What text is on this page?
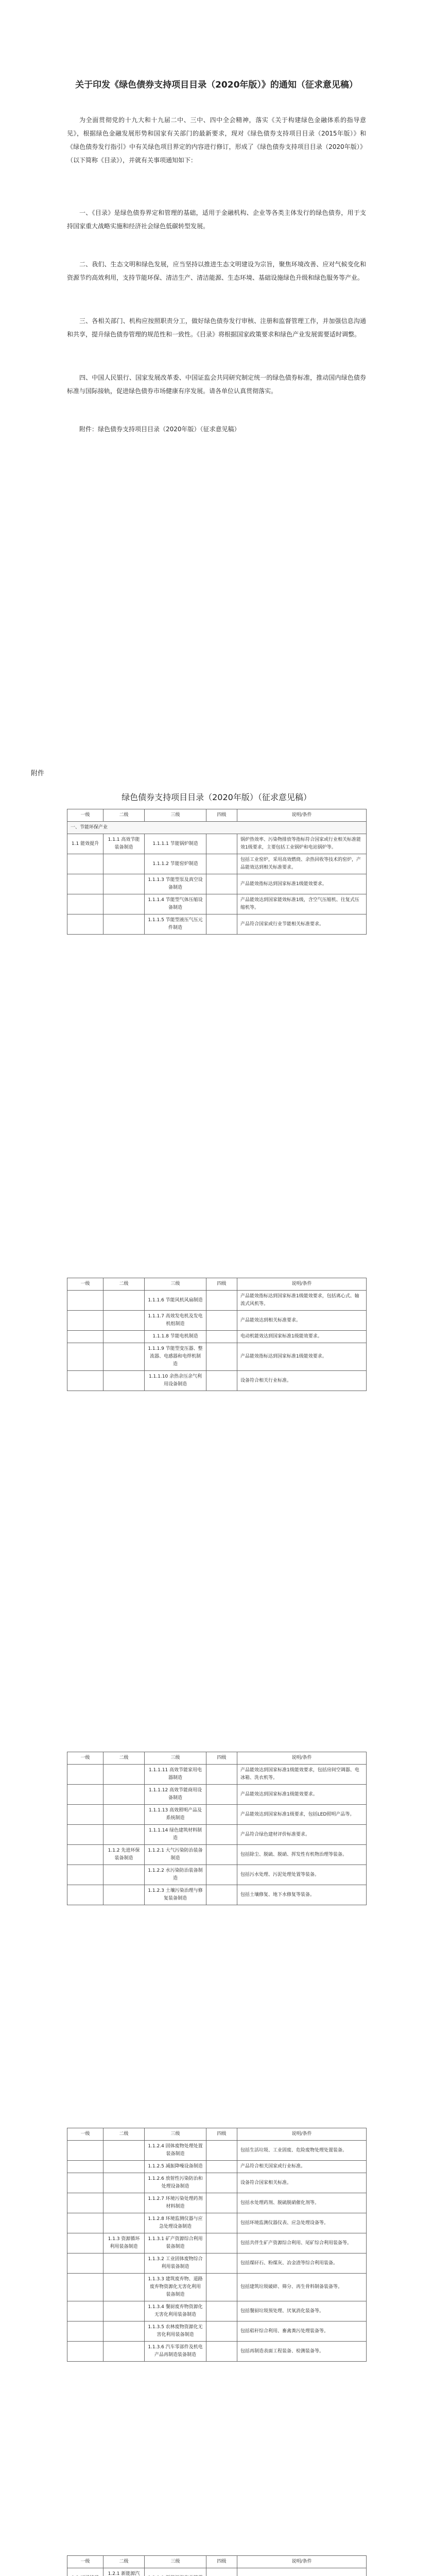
关于印发《绿色债券支持项目目录（2020年版）》的通知（征求意见稿）

为全面贯彻党的十九大和十九届二中、三中、四中全会精神，落实《关于构建绿色金融体系的指导意见》，根据绿色金融发展形势和国家有关部门的最新要求，现对《绿色债券支持项目目录（2015年版）》和《绿色债券发行指引》中有关绿色项目界定的内容进行修订，形成了《绿色债券支持项目目录（2020年版）》（以下简称《目录》），并就有关事项通知如下：

一、《目录》是绿色债券界定和管理的基础，适用于金融机构、企业等各类主体发行的绿色债券，用于支持国家重大战略实施和经济社会绿色低碳转型发展。

二、我们、生态文明和绿色发展，应当坚持以推进生态文明建设为宗旨，聚焦环境改善、应对气候变化和资源节约高效利用，支持节能环保、清洁生产、清洁能源、生态环境、基础设施绿色升级和绿色服务等产业。

三、各相关部门、机构应按照职责分工，做好绿色债券发行审核、注册和监督管理工作，并加强信息沟通和共享，提升绿色债券管理的规范性和一致性。《目录》将根据国家政策要求和绿色产业发展需要适时调整。

四、中国人民银行、国家发展改革委、中国证监会共同研究制定统一的绿色债券标准，推动国内绿色债券标准与国际接轨，促进绿色债券市场健康有序发展。请各单位认真贯彻落实。

附件：绿色债券支持项目目录（2020年版）（征求意见稿）

附件
绿色债券支持项目目录（2020年版）（征求意见稿）
一级	二级	三级	四级	说明/条件
一、节能环保产业				
1.1 能效提升	1.1.1 高效节能装备制造	1.1.1.1 节能锅炉制造		锅炉热效率、污染物排放等指标符合国家或行业相关标准能效1级要求，主要包括工业锅炉和电站锅炉等。
		1.1.1.2 节能窑炉制造		包括工业窑炉，采用高效燃烧、余热回收等技术的窑炉，产品能效达到相关标准要求。
		1.1.1.3 节能型泵及真空设备制造		产品能效指标达到国家标准1级能效要求。
		1.1.1.4 节能型气体压缩设备制造		产品能效达到国家能效标准1级，含空气压缩机、往复式压缩机等。
		1.1.1.5 节能型液压气压元件制造		产品符合国家或行业节能相关标准要求。
一级	二级	三级	四级	说明/条件
		1.1.1.6 节能风机风扇制造		产品能效指标达到国家标准1级能效要求，包括离心式、轴流式风机等。
		1.1.1.7 高效发电机及发电机组制造		产品能效达到相关标准要求。
		1.1.1.8 节能电机制造		电动机能效达到国家标准1级能效要求。
		1.1.1.9 节能型变压器、整流器、电感器和电焊机制造		产品能效指标达到国家标准1级能效要求。
		1.1.1.10 余热余压余气利用设备制造		设备符合相关行业标准。
一级	二级	三级	四级	说明/条件
		1.1.1.11 高效节能家用电器制造		产品能效达到国家标准1级能效要求，包括房间空调器、电冰箱、洗衣机等。
		1.1.1.12 高效节能商用设备制造		产品能效达到国家标准1级能效要求。
		1.1.1.13 高效照明产品及系统制造		产品能效达到国家标准1级要求，包括LED照明产品等。
		1.1.1.14 绿色建筑材料制造		产品符合绿色建材评价标准要求。
	1.1.2 先进环保装备制造	1.1.2.1 大气污染防治装备制造		包括除尘、脱硫、脱硝、挥发性有机物治理等装备。
		1.1.2.2 水污染防治装备制造		包括污水处理、污泥处理处置等装备。
		1.1.2.3 土壤污染治理与修复装备制造		包括土壤修复、地下水修复等装备。
一级	二级	三级	四级	说明/条件
		1.1.2.4 固体废物处理处置装备制造		包括生活垃圾、工业固废、危险废物处理处置装备。
		1.1.2.5 减振降噪设备制造		产品符合相关国家或行业标准。
		1.1.2.6 放射性污染防治和处理设备制造		设备符合国家相关标准。
		1.1.2.7 环境污染处理药剂材料制造		包括水处理药剂、脱硫脱硝催化剂等。
		1.1.2.8 环境监测仪器与应急处理设备制造		包括环境监测仪器仪表、应急处理设备等。
	1.1.3 资源循环利用装备制造	1.1.3.1 矿产资源综合利用装备制造		包括共伴生矿产资源综合利用、尾矿综合利用装备等。
		1.1.3.2 工业固体废物综合利用装备制造		包括煤矸石、粉煤灰、冶金渣等综合利用装备。
		1.1.3.3 建筑废弃物、道路废弃物资源化无害化利用装备制造		包括建筑垃圾破碎、筛分、再生骨料制备装备等。
		1.1.3.4 餐厨废弃物资源化无害化利用装备制造		包括餐厨垃圾预处理、厌氧消化装备等。
		1.1.3.5 农林废物资源化无害化利用装备制造		包括秸秆综合利用、畜禽粪污处理装备等。
		1.1.3.6 汽车零部件及机电产品再制造装备制造		包括再制造表面工程装备、检测装备等。
一级	二级	三级	四级	说明/条件
	1.2.1 新能源汽			
